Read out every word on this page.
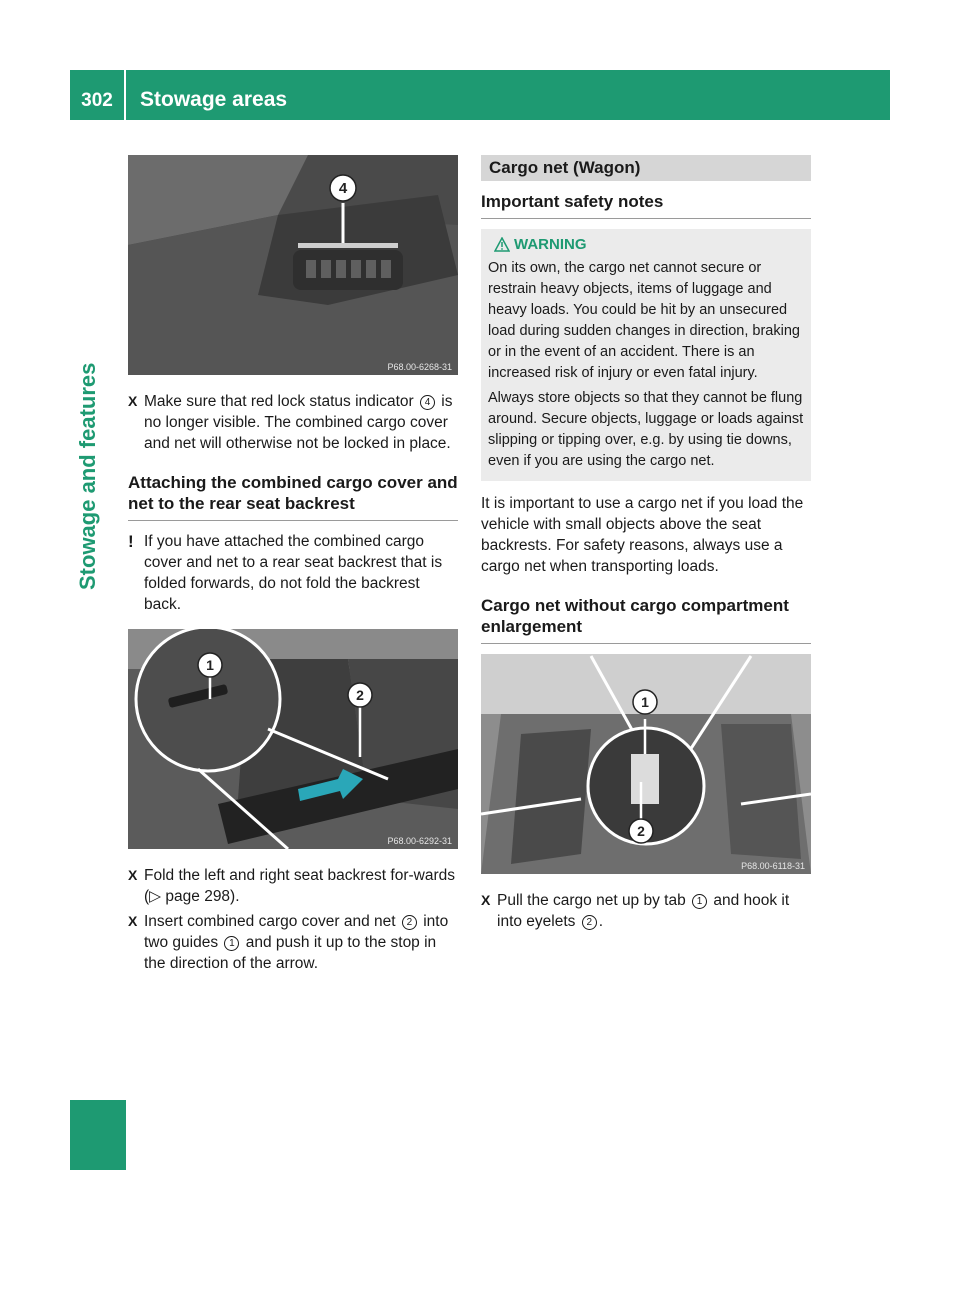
302	Stowage areas
Stowage and features
4
P68.00-6268-31

X Make sure that red lock status indicator 4 is no longer visible. The combined cargo cover and net will otherwise not be locked in place.

Attaching the combined cargo cover and net to the rear seat backrest

! If you have attached the combined cargo cover and net to a rear seat backrest that is folded forwards, do not fold the backrest back.

1
2
P68.00-6292-31

X Fold the left and right seat backrest for-wards (▷ page 298).

X Insert combined cargo cover and net 2 into two guides 1 and push it up to the stop in the direction of the arrow.

Cargo net (Wagon)
Important safety notes
WARNING

On its own, the cargo net cannot secure or restrain heavy objects, items of luggage and heavy loads. You could be hit by an unsecured load during sudden changes in direction, braking or in the event of an accident. There is an increased risk of injury or even fatal injury.

Always store objects so that they cannot be flung around. Secure objects, luggage or loads against slipping or tipping over, e.g. by using tie downs, even if you are using the cargo net.

It is important to use a cargo net if you load the vehicle with small objects above the seat backrests. For safety reasons, always use a cargo net when transporting loads.

Cargo net without cargo compartment enlargement
1
2
P68.00-6118-31

X Pull the cargo net up by tab 1 and hook it into eyelets 2 .
